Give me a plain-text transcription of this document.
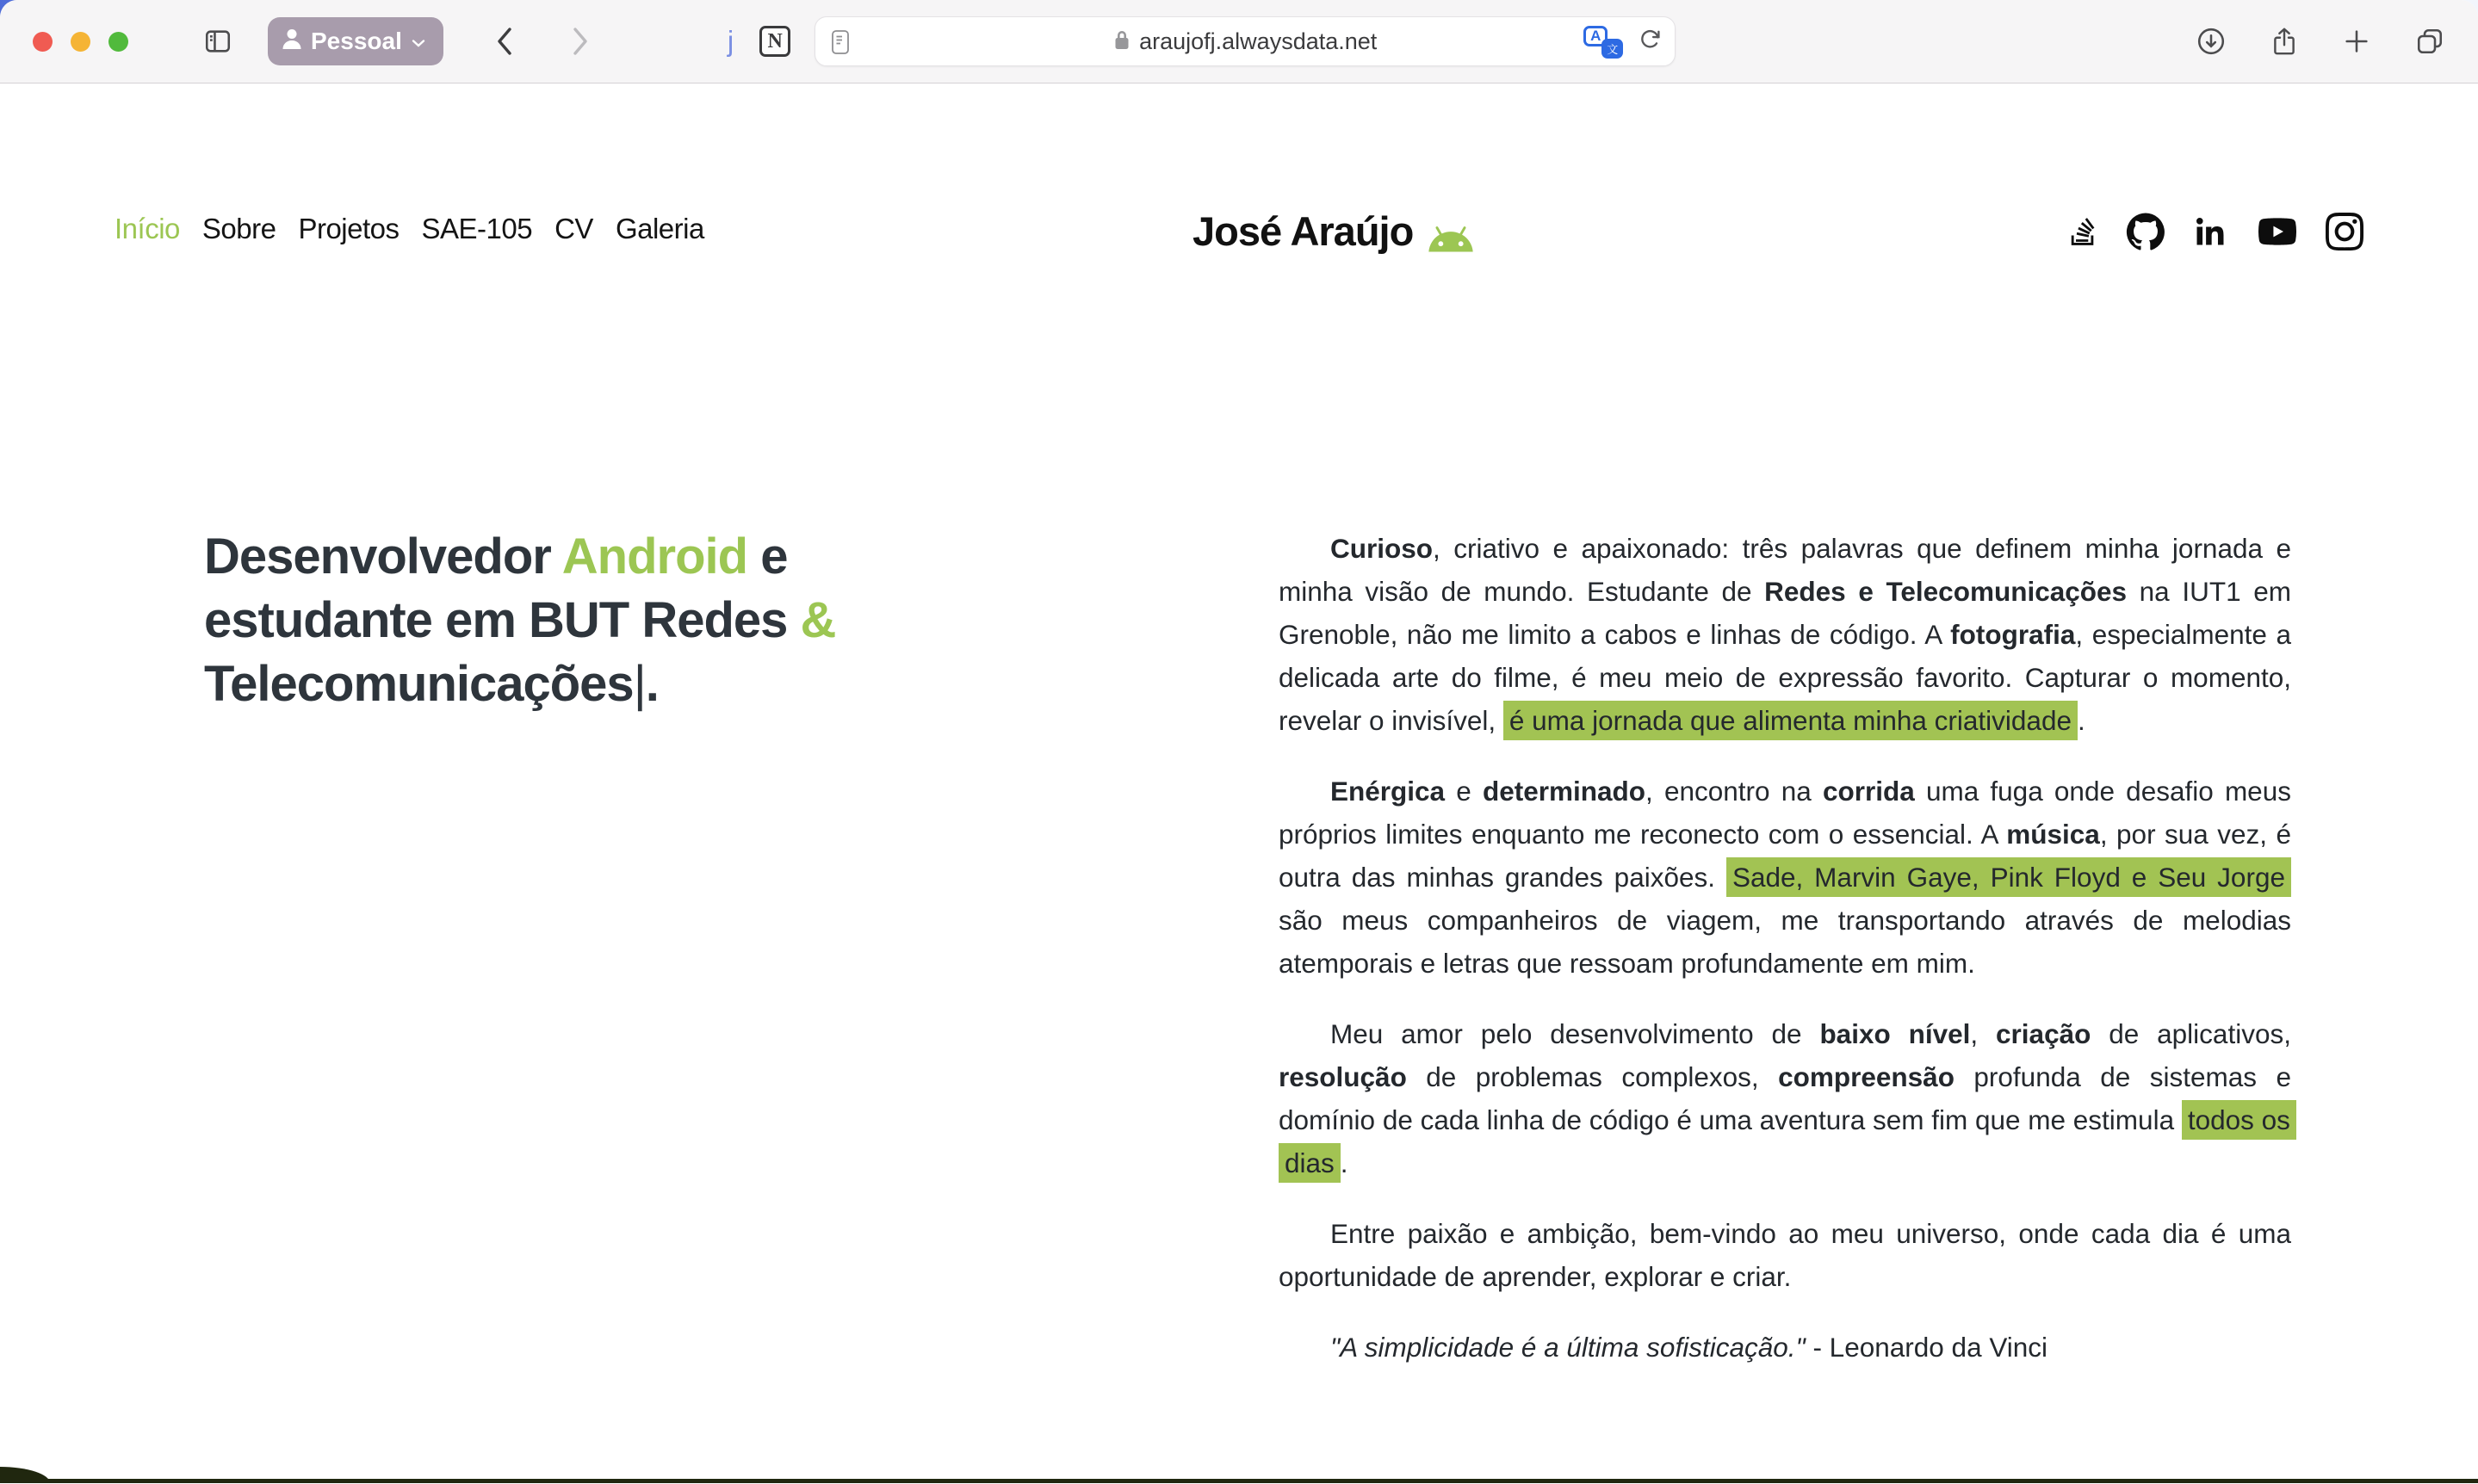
Pessoal	j	N	araujofj.alwaysdata.net	A
文
Início Sobre Projetos SAE-105 CV Galeria	José Araújo
Desenvolvedor Android e estudante em BUT Redes & Telecomunicações|.

Curioso, criativo e apaixonado: três palavras que definem minha jornada e minha visão de mundo. Estudante de Redes e Telecomunicações na IUT1 em Grenoble, não me limito a cabos e linhas de código. A fotografia, especialmente a delicada arte do filme, é meu meio de expressão favorito. Capturar o momento, revelar o invisível, é uma jornada que alimenta minha criatividade .

Enérgica e determinado, encontro na corrida uma fuga onde desafio meus próprios limites enquanto me reconecto com o essencial. A música, por sua vez, é outra das minhas grandes paixões. Sade, Marvin Gaye, Pink Floyd e Seu Jorge são meus companheiros de viagem, me transportando através de melodias atemporais e letras que ressoam profundamente em mim.

Meu amor pelo desenvolvimento de baixo nível, criação de aplicativos, resolução de problemas complexos, compreensão profunda de sistemas e domínio de cada linha de código é uma aventura sem fim que me estimula todos os dias .

Entre paixão e ambição, bem-vindo ao meu universo, onde cada dia é uma oportunidade de aprender, explorar e criar.

"A simplicidade é a última sofisticação." - Leonardo da Vinci
